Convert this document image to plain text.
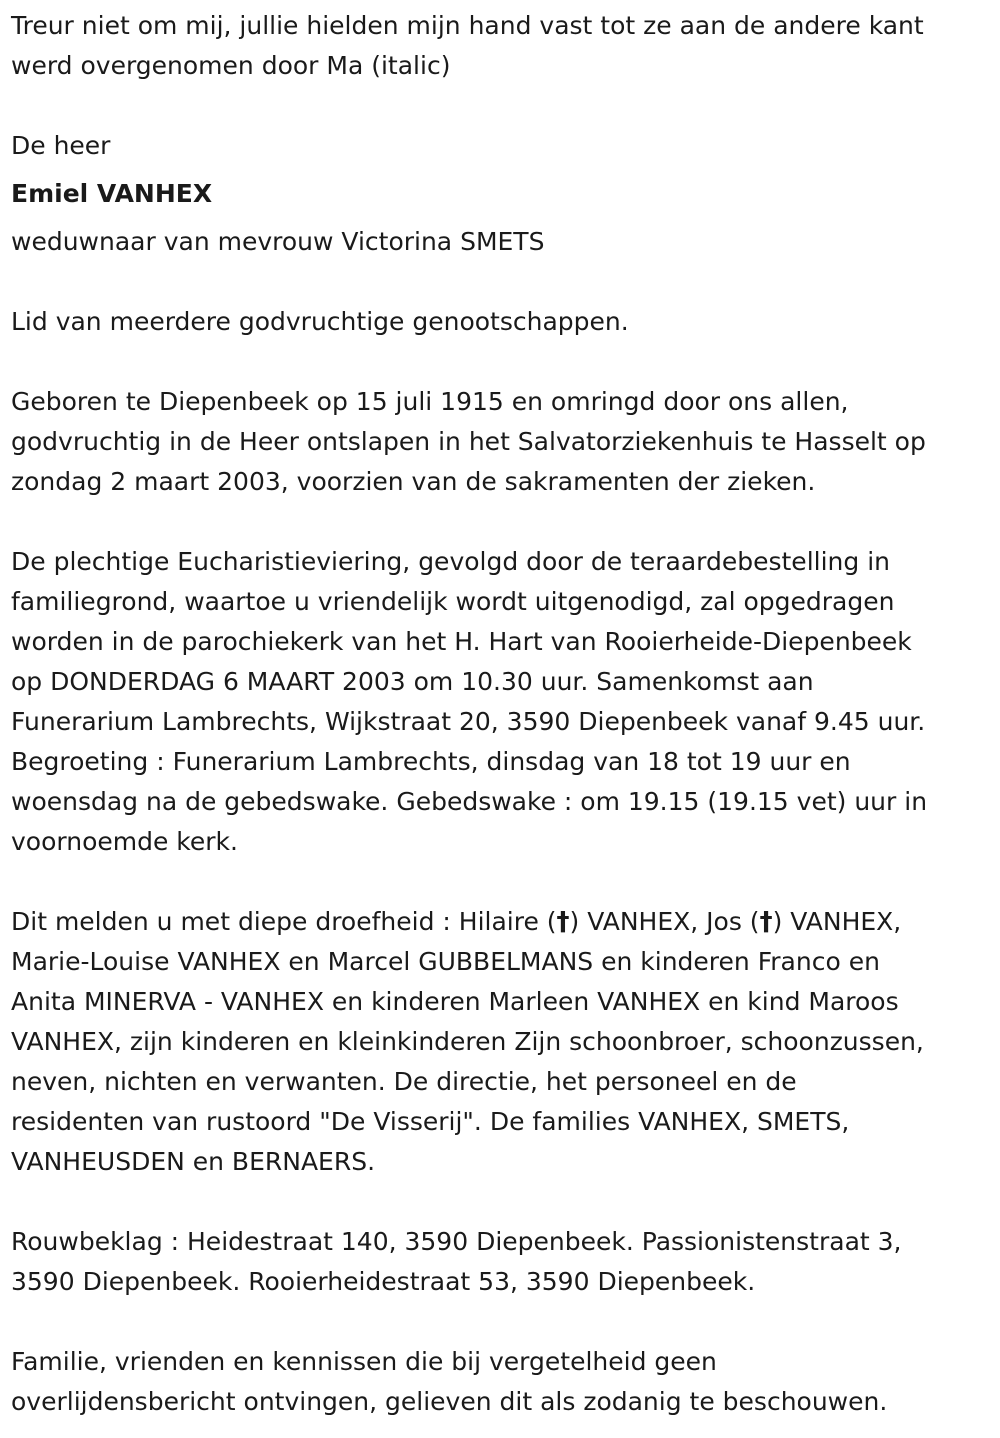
Treur niet om mij, jullie hielden mijn hand vast tot ze aan de andere kant
werd overgenomen door Ma (italic)

De heer

Emiel VANHEX

weduwnaar van mevrouw Victorina SMETS

Lid van meerdere godvruchtige genootschappen.

Geboren te Diepenbeek op 15 juli 1915 en omringd door ons allen,
godvruchtig in de Heer ontslapen in het Salvatorziekenhuis te Hasselt op
zondag 2 maart 2003, voorzien van de sakramenten der zieken.

De plechtige Eucharistieviering, gevolgd door de teraardebestelling in
familiegrond, waartoe u vriendelijk wordt uitgenodigd, zal opgedragen
worden in de parochiekerk van het H. Hart van Rooierheide-Diepenbeek
op DONDERDAG 6 MAART 2003 om 10.30 uur. Samenkomst aan
Funerarium Lambrechts, Wijkstraat 20, 3590 Diepenbeek vanaf 9.45 uur.
Begroeting : Funerarium Lambrechts, dinsdag van 18 tot 19 uur en
woensdag na de gebedswake. Gebedswake : om 19.15 (19.15 vet) uur in
voornoemde kerk.

Dit melden u met diepe droefheid : Hilaire (†) VANHEX, Jos (†) VANHEX,
Marie-Louise VANHEX en Marcel GUBBELMANS en kinderen Franco en
Anita MINERVA - VANHEX en kinderen Marleen VANHEX en kind Maroos
VANHEX, zijn kinderen en kleinkinderen Zijn schoonbroer, schoonzussen,
neven, nichten en verwanten. De directie, het personeel en de
residenten van rustoord "De Visserij". De families VANHEX, SMETS,
VANHEUSDEN en BERNAERS.

Rouwbeklag : Heidestraat 140, 3590 Diepenbeek. Passionistenstraat 3,
3590 Diepenbeek. Rooierheidestraat 53, 3590 Diepenbeek.

Familie, vrienden en kennissen die bij vergetelheid geen
overlijdensbericht ontvingen, gelieven dit als zodanig te beschouwen.
